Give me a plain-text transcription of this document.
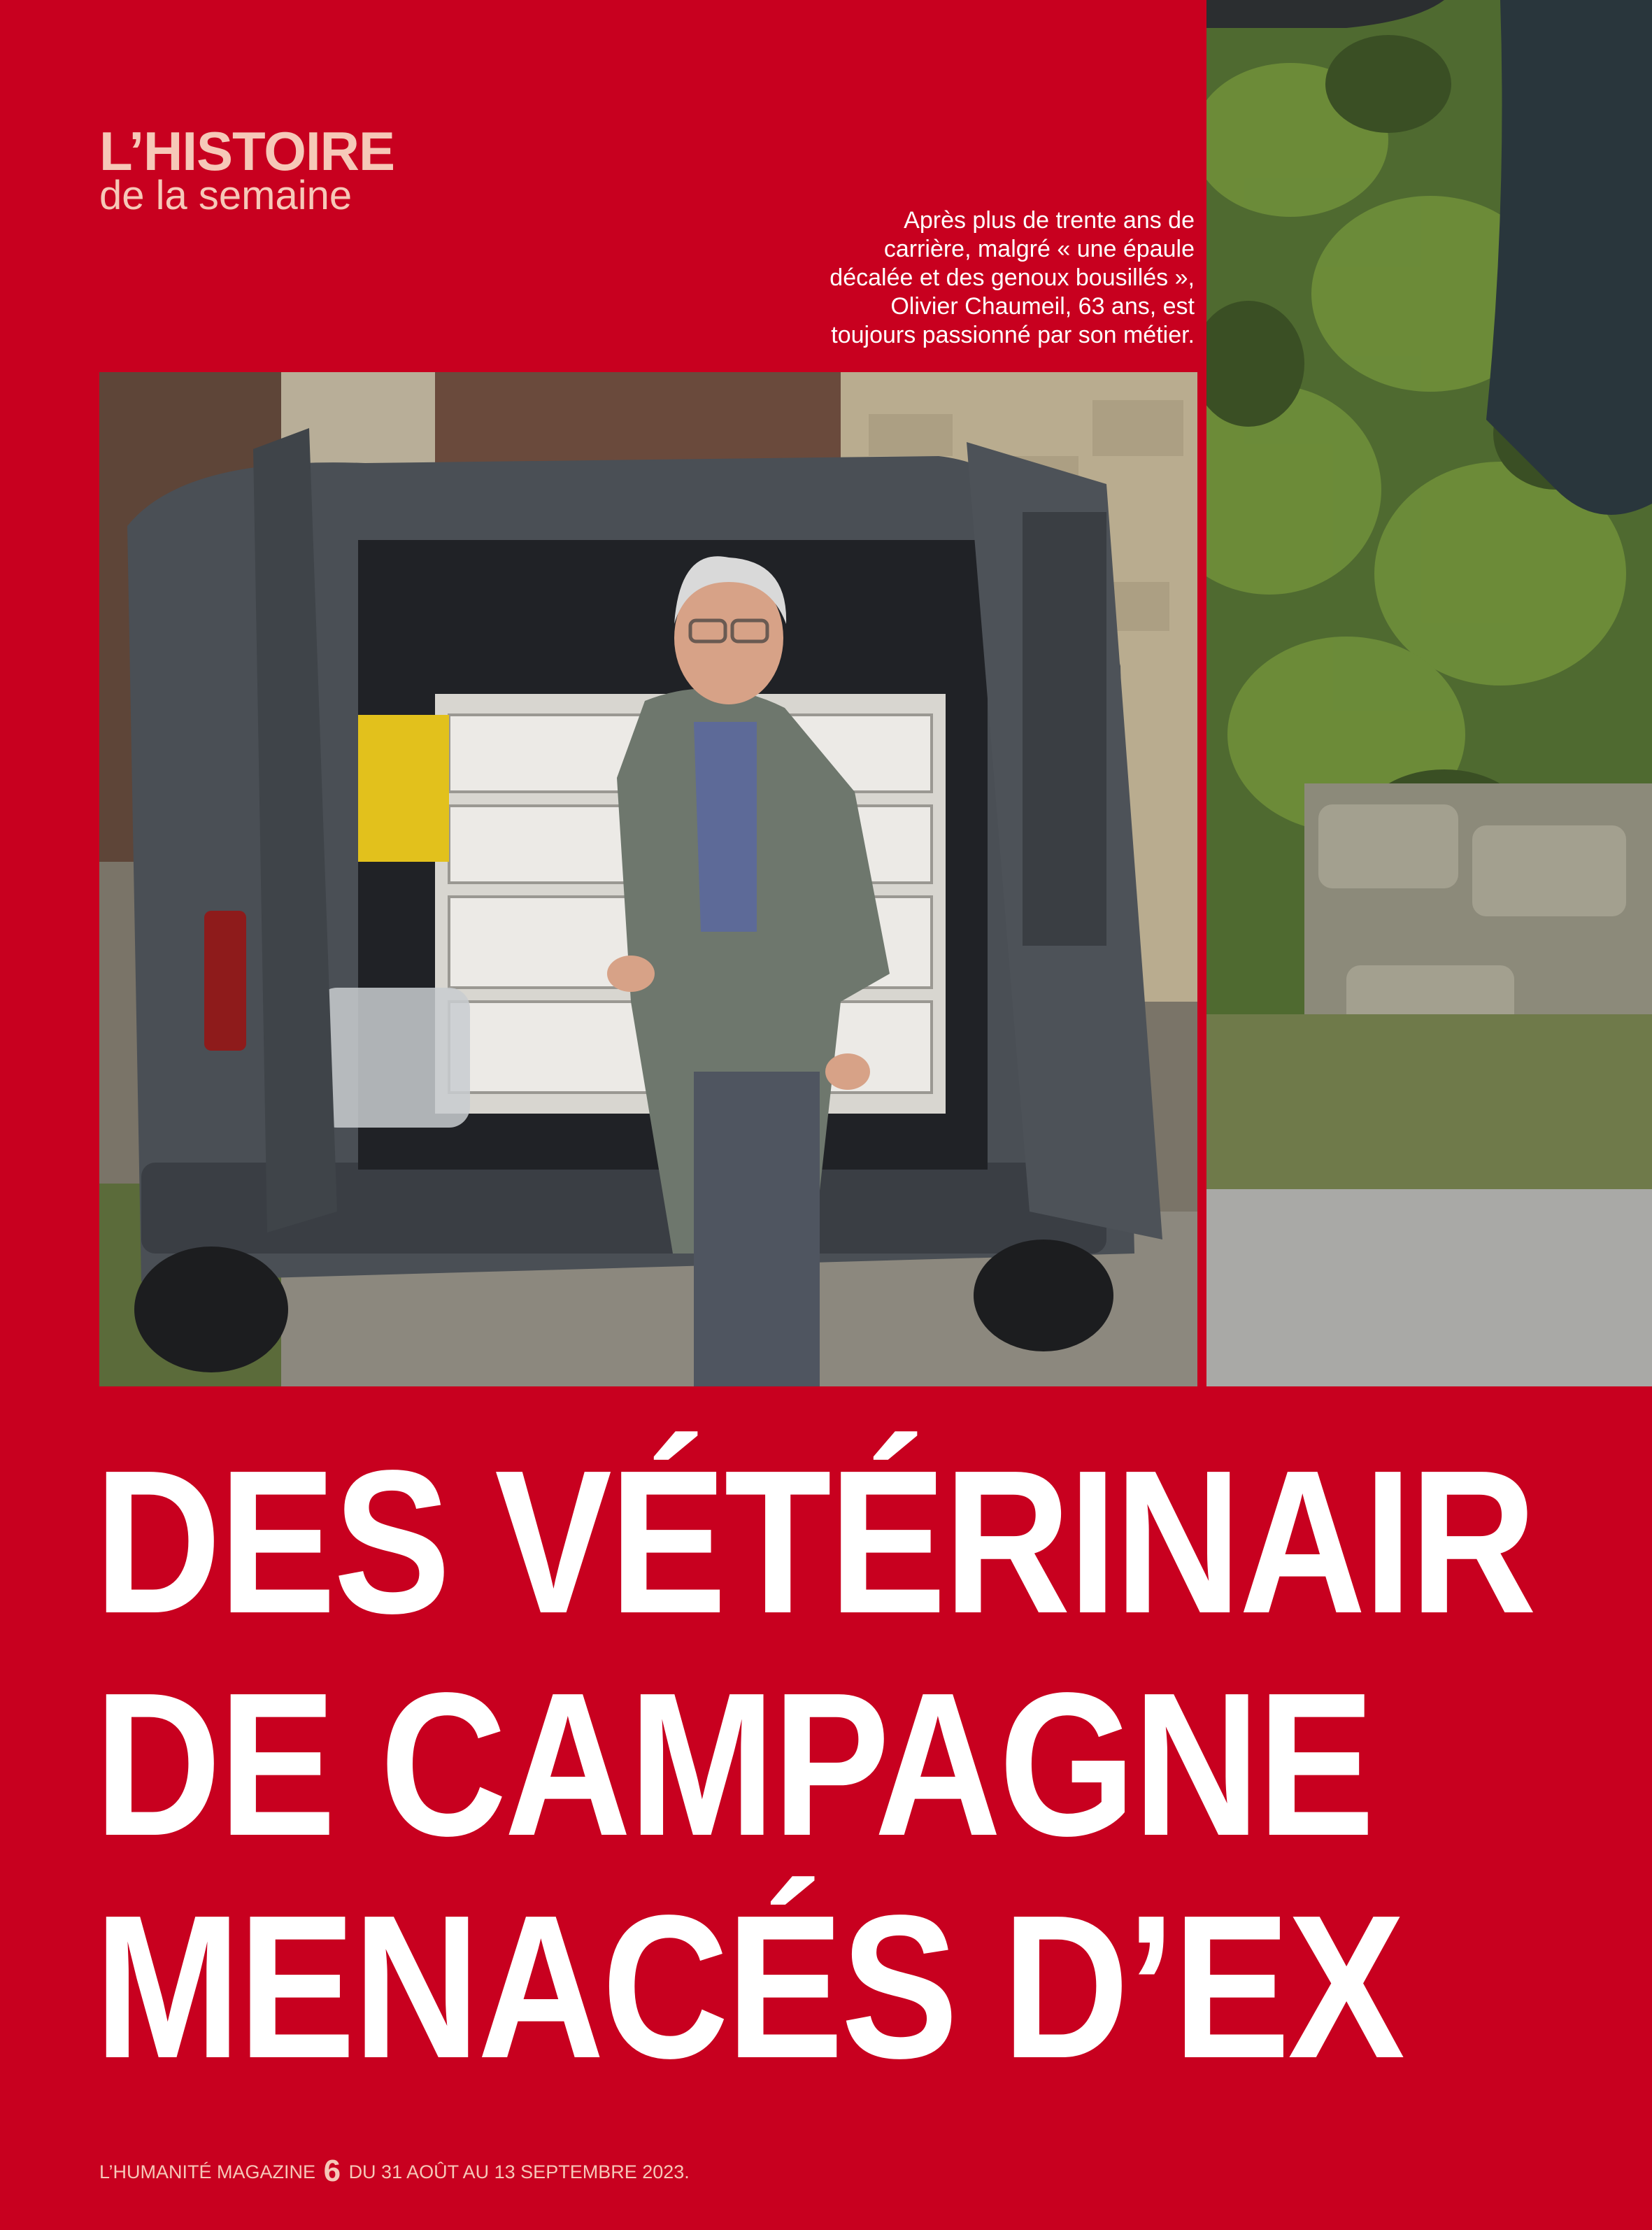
L’HISTOIRE
de la semaine
Après plus de trente ans de
carrière, malgré « une épaule
décalée et des genoux bousillés »,
Olivier Chaumeil, 63 ans, est
toujours passionné par son métier.
DES VÉTÉRINAIR
DE CAMPAGNE
MENACÉS D’EX
L’HUMANITÉ MAGAZINE 6 DU 31 AOÛT AU 13 SEPTEMBRE 2023.
